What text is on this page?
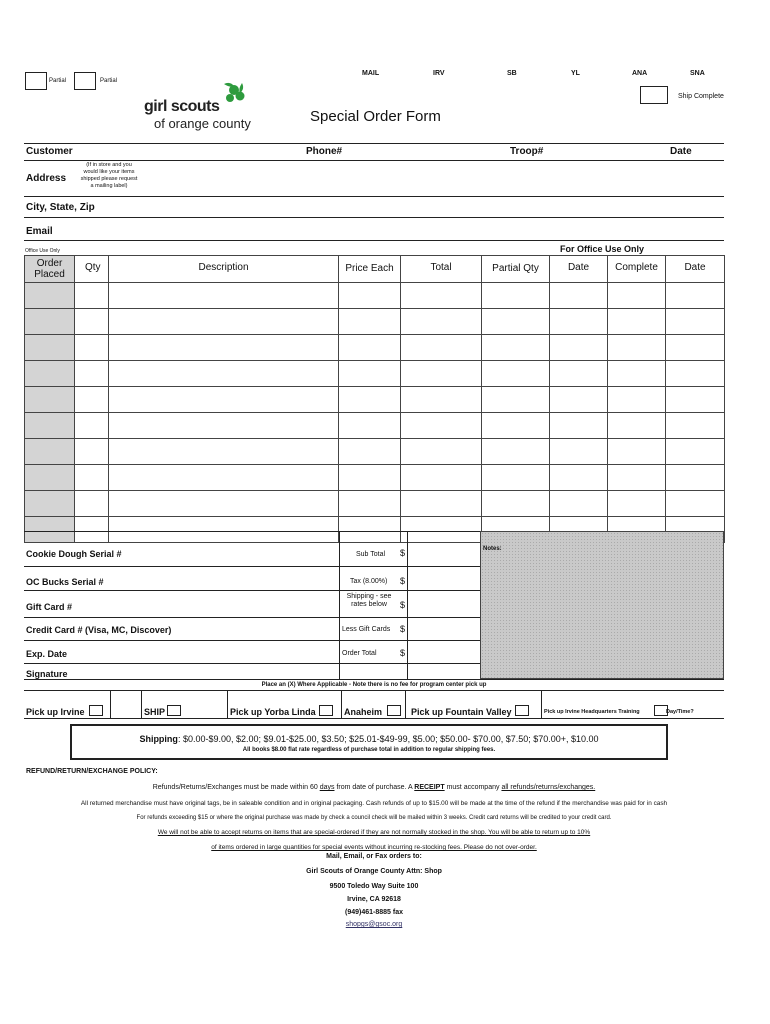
Partial	Partial
MAIL	IRV	SB	YL	ANA	SNA
Ship Complete
girl scouts
of orange county	Special Order Form
Customer	Phone#	Troop#	Date
Address
(If in store and you
would like your items
shipped please request
a mailing label)
City, State, Zip
Email
Office Use Only	For Office Use Only
Order Placed	Qty	Description	Price Each	Total	Partial Qty	Date	Complete	Date

Cookie Dough Serial #
OC Bucks Serial #
Gift Card #
Credit Card # (Visa, MC, Discover)
Exp. Date
Signature
Sub Total $
Tax (8.00%) $
Shipping - see rates below	$
Less Gift Cards $
Order Total	$
Notes:
Place an (X) Where Applicable - Note there is no fee for program center pick up
Pick up Irvine	SHIP	Pick up Yorba Linda	Anaheim	Pick up Fountain Valley	Pick up Irvine Headquarters Training	Day/Time?
Shipping: $0.00-$9.00, $2.00; $9.01-$25.00, $3.50; $25.01-$49-99, $5.00; $50.00- $70.00, $7.50; $70.00+, $10.00
All books $8.00 flat rate regardless of purchase total in addition to regular shipping fees.
REFUND/RETURN/EXCHANGE POLICY:
Refunds/Returns/Exchanges must be made within 60 days from date of purchase. A RECEIPT must accompany all refunds/returns/exchanges.
All returned merchandise must have original tags, be in saleable condition and in original packaging. Cash refunds of up to $15.00 will be made at the time of the refund if the merchandise was paid for in cash
For refunds exceeding $15 or where the original purchase was made by check a council check will be mailed within 3 weeks. Credit card returns will be credited to your credit card.
We will not be able to accept returns on items that are special-ordered if they are not normally stocked in the shop. You will be able to return up to 10%
of items ordered in large quantities for special events without incurring re-stocking fees. Please do not over-order.
Mail, Email, or Fax orders to:
Girl Scouts of Orange County Attn: Shop
9500 Toledo Way Suite 100
Irvine, CA 92618
(949)461-8885 fax
shopgs@gsoc.org
